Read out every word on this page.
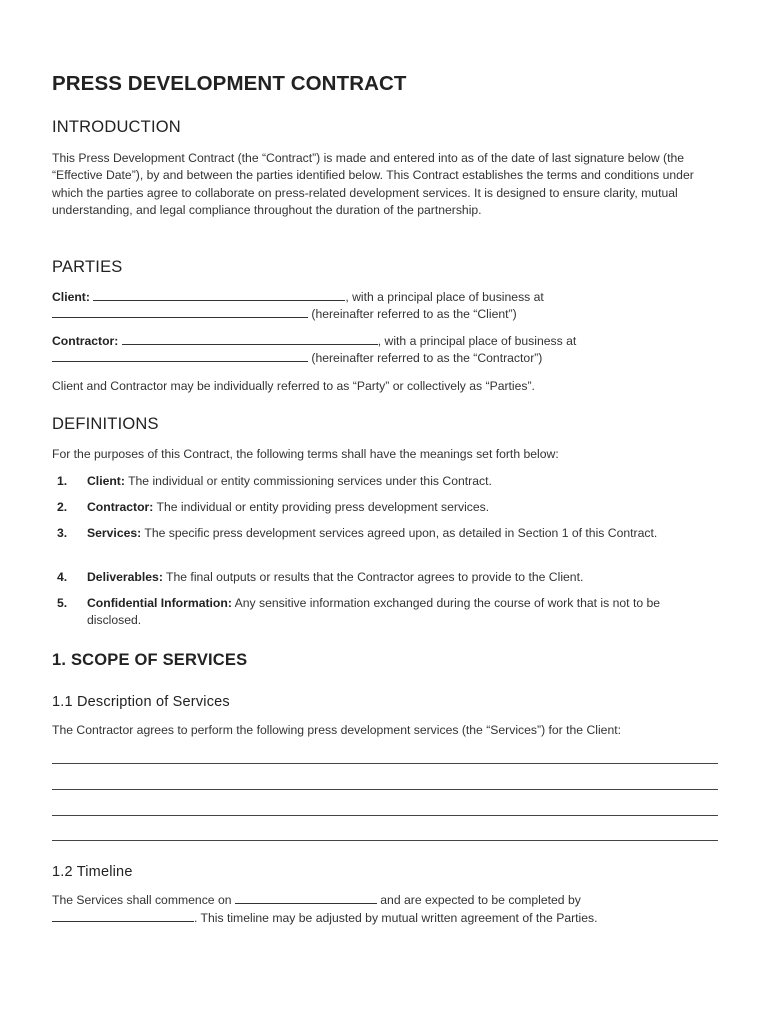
PRESS DEVELOPMENT CONTRACT
INTRODUCTION

This Press Development Contract (the “Contract”) is made and entered into as of the date of last signature below (the “Effective Date”), by and between the parties identified below. This Contract establishes the terms and conditions under which the parties agree to collaborate on press-related development services. It is designed to ensure clarity, mutual understanding, and legal compliance throughout the duration of the partnership.

PARTIES
Client:	, with a principal place of business at
(hereinafter referred to as the “Client”)
Contractor:	, with a principal place of business at
(hereinafter referred to as the “Contractor”)

Client and Contractor may be individually referred to as “Party” or collectively as “Parties”.

DEFINITIONS

For the purposes of this Contract, the following terms shall have the meanings set forth below:

1. Client: The individual or entity commissioning services under this Contract.
2. Contractor: The individual or entity providing press development services.
3. Services: The specific press development services agreed upon, as detailed in Section 1 of this Contract.
4. Deliverables: The final outputs or results that the Contractor agrees to provide to the Client.
5. Confidential Information: Any sensitive information exchanged during the course of work that is not to be disclosed.
1. SCOPE OF SERVICES
1.1 Description of Services

The Contractor agrees to perform the following press development services (the “Services”) for the Client:

1.2 Timeline
The Services shall commence on	and are expected to be completed by
. This timeline may be adjusted by mutual written agreement of the Parties.
